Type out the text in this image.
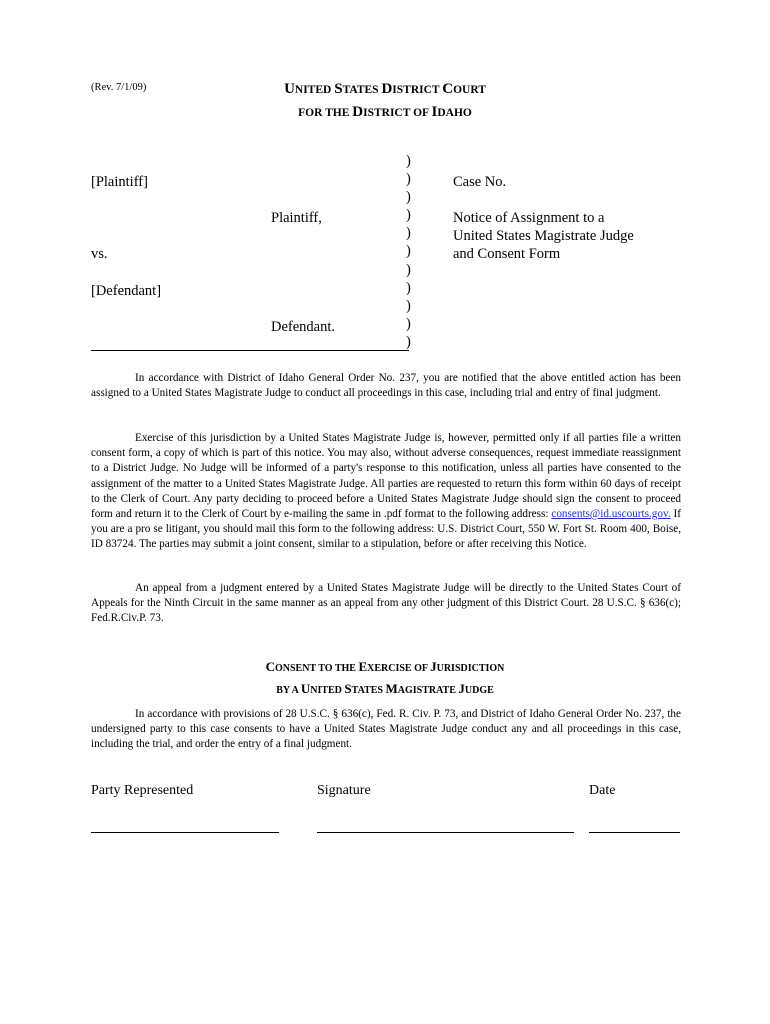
(Rev. 7/1/09)	UNITED STATES DISTRICT COURT
FOR THE DISTRICT OF IDAHO
[Plaintiff]
Plaintiff,
vs.
[Defendant]
Defendant.
)
)
)
)
)
)
)
)
)
)
)
Case No.
Notice of Assignment to a
United States Magistrate Judge
and Consent Form
In accordance with District of Idaho General Order No. 237, you are notified that the above entitled action has been assigned to a United States Magistrate Judge to conduct all proceedings in this case, including trial and entry of final judgment.
Exercise of this jurisdiction by a United States Magistrate Judge is, however, permitted only if all parties file a written consent form, a copy of which is part of this notice. You may also, without adverse consequences, request immediate reassignment to a District Judge. No Judge will be informed of a party's response to this notification, unless all parties have consented to the assignment of the matter to a United States Magistrate Judge. All parties are requested to return this form within 60 days of receipt to the Clerk of Court. Any party deciding to proceed before a United States Magistrate Judge should sign the consent to proceed form and return it to the Clerk of Court by e-mailing the same in .pdf format to the following address: consents@id.uscourts.gov. If you are a pro se litigant, you should mail this form to the following address: U.S. District Court, 550 W. Fort St. Room 400, Boise, ID 83724. The parties may submit a joint consent, similar to a stipulation, before or after receiving this Notice.
An appeal from a judgment entered by a United States Magistrate Judge will be directly to the United States Court of Appeals for the Ninth Circuit in the same manner as an appeal from any other judgment of this District Court. 28 U.S.C. § 636(c); Fed.R.Civ.P. 73.
CONSENT TO THE EXERCISE OF JURISDICTION
BY A UNITED STATES MAGISTRATE JUDGE
In accordance with provisions of 28 U.S.C. § 636(c), Fed. R. Civ. P. 73, and District of Idaho General Order No. 237, the undersigned party to this case consents to have a United States Magistrate Judge conduct any and all proceedings in this case, including the trial, and order the entry of a final judgment.
Party Represented	Signature	Date
